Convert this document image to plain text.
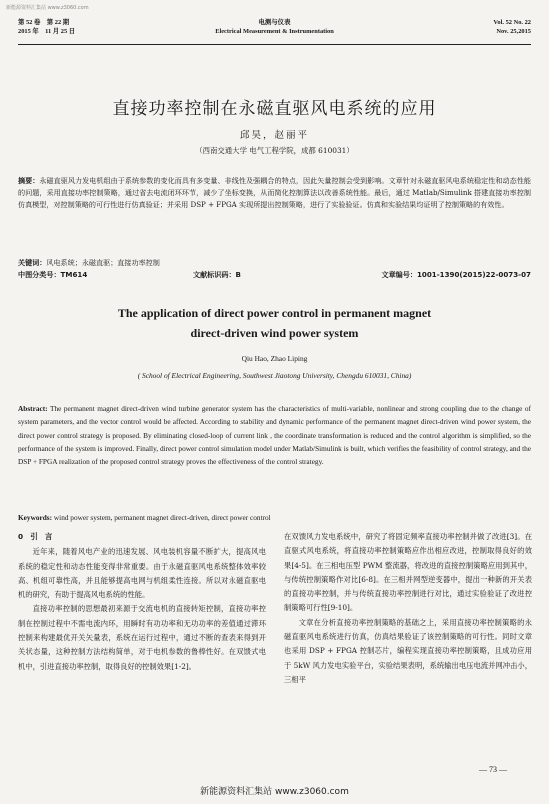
新能源资料汇集站 www.z3060.com
第 52 卷　第 22 期
2015 年　11 月 25 日
电测与仪表
Electrical Measurement & Instrumentation
Vol. 52 No. 22
Nov. 25,2015
直接功率控制在永磁直驱风电系统的应用
邱昊，赵丽平
（西南交通大学 电气工程学院，成都 610031）
摘要：永磁直驱风力发电机组由于系统参数的变化而具有多变量、非线性及强耦合的特点，因此矢量控制会受到影响。文章针对永磁直驱风电系统稳定性和动态性能的问题，采用直接功率控制策略，通过省去电流闭环环节，减少了坐标变换，从而简化控制算法以改善系统性能。最后，通过 Matlab/Simulink 搭建直接功率控制仿真模型，对控制策略的可行性进行仿真验证；并采用 DSP + FPGA 实现所提出控制策略，进行了实验验证。仿真和实验结果均证明了控制策略的有效性。
关键词：风电系统；永磁直驱；直接功率控制
中图分类号：TM614	文献标识码：B	文章编号：1001-1390(2015)22-0073-07
The application of direct power control in permanent magnet
direct-driven wind power system
Qiu Hao, Zhao Liping
( School of Electrical Engineering, Southwest Jiaotong University, Chengdu 610031, China)
Abstract: The permanent magnet direct-driven wind turbine generator system has the characteristics of multi-variable, nonlinear and strong coupling due to the change of system parameters, and the vector control would be affected. According to stability and dynamic performance of the permanent magnet direct-driven wind power system, the direct power control strategy is proposed. By eliminating closed-loop of current link , the coordinate transformation is reduced and the control algorithm is simplified, so the performance of the system is improved. Finally, direct power control simulation model under Matlab/Simulink is built, which verifies the feasibility of control strategy, and the DSP + FPGA realization of the proposed control strategy proves the effectiveness of the control strategy.
Keywords: wind power system, permanent magnet direct-driven, direct power control
0　引　言

近年来，随着风电产业的迅速发展、风电装机容量不断扩大，提高风电系统的稳定性和动态性能变得非常重要。由于永磁直驱风电系统整体效率较高、机组可靠性高，并且能够提高电网与机组柔性连接。所以对永磁直驱电机的研究，有助于提高风电系统的性能。

直接功率控制的思想最初来源于交流电机的直接转矩控制，直接功率控制在控制过程中不需电流内环，用瞬时有功功率和无功功率的差值通过滞环控制来构建最优开关矢量表，系统在运行过程中，通过不断的查表来得到开关状态量，这种控制方法结构简单，对于电机参数的鲁棒性好。在双馈式电机中，引进直接功率控制，取得良好的控制效果[1-2]。

在双馈风力发电系统中，研究了将固定频率直接功率控制并做了改进[3]。在直驱式风电系统，将直接功率控制策略应作出相应改进，控制取得良好的效果[4-5]。在三相电压型 PWM 整流器，将改进的直接控制策略应用到其中，与传统控制策略作对比[6-8]。在三相并网型逆变器中，提出一种新的开关表的直接功率控制，并与传统直接功率控制进行对比，通过实验验证了改进控制策略可行性[9-10]。

文章在分析直接功率控制策略的基础之上，采用直接功率控制策略的永磁直驱风电系统进行仿真，仿真结果验证了该控制策略的可行性。同时文章也采用 DSP + FPGA 控制芯片，编程实现直接功率控制策略，且成功应用于 5kW 风力发电实验平台，实验结果表明，系统输出电压电流并网冲击小，三相平

— 73 —
新能源资料汇集站 www.z3060.com
